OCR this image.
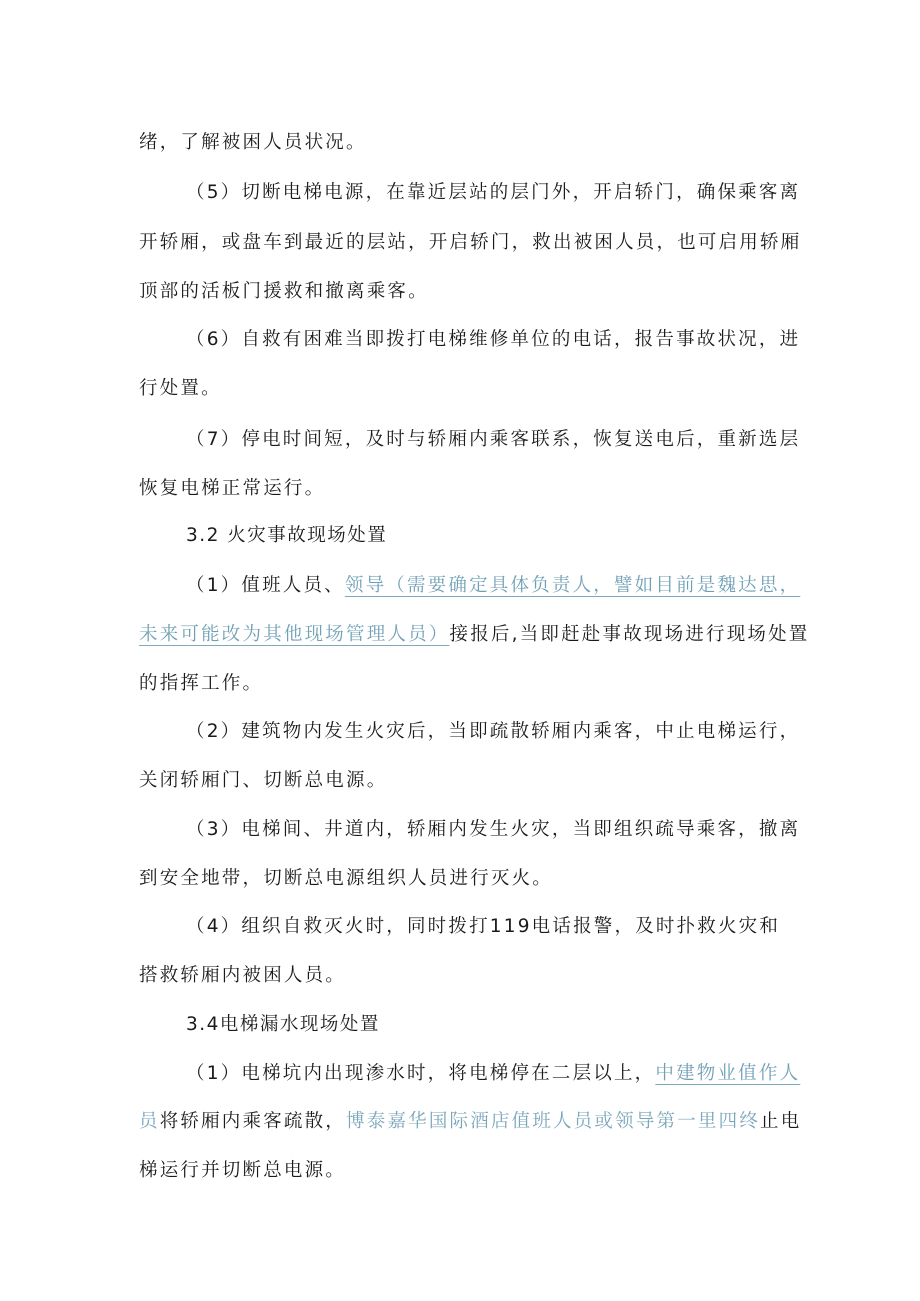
绪，了解被困人员状况。
（5）切断电梯电源，在靠近层站的层门外，开启轿门，确保乘客离
开轿厢，或盘车到最近的层站，开启轿门，救出被困人员，也可启用轿厢
顶部的活板门援救和撤离乘客。
（6）自救有困难当即拨打电梯维修单位的电话，报告事故状况，进
行处置。
（7）停电时间短，及时与轿厢内乘客联系，恢复送电后，重新选层
恢复电梯正常运行。
3.2 火灾事故现场处置
（1）值班人员、领导（需要确定具体负责人，譬如目前是魏达思，
未来可能改为其他现场管理人员）接报后,当即赶赴事故现场进行现场处置
的指挥工作。
（2）建筑物内发生火灾后，当即疏散轿厢内乘客，中止电梯运行，
关闭轿厢门、切断总电源。
（3）电梯间、井道内，轿厢内发生火灾，当即组织疏导乘客，撤离
到安全地带，切断总电源组织人员进行灭火。
（4）组织自救灭火时，同时拨打119电话报警，及时扑救火灾和
搭救轿厢内被困人员。
3.4电梯漏水现场处置
（1）电梯坑内出现渗水时，将电梯停在二层以上，中建物业值作人
员将轿厢内乘客疏散，博泰嘉华国际酒店值班人员或领导第一里四终止电
梯运行并切断总电源。
